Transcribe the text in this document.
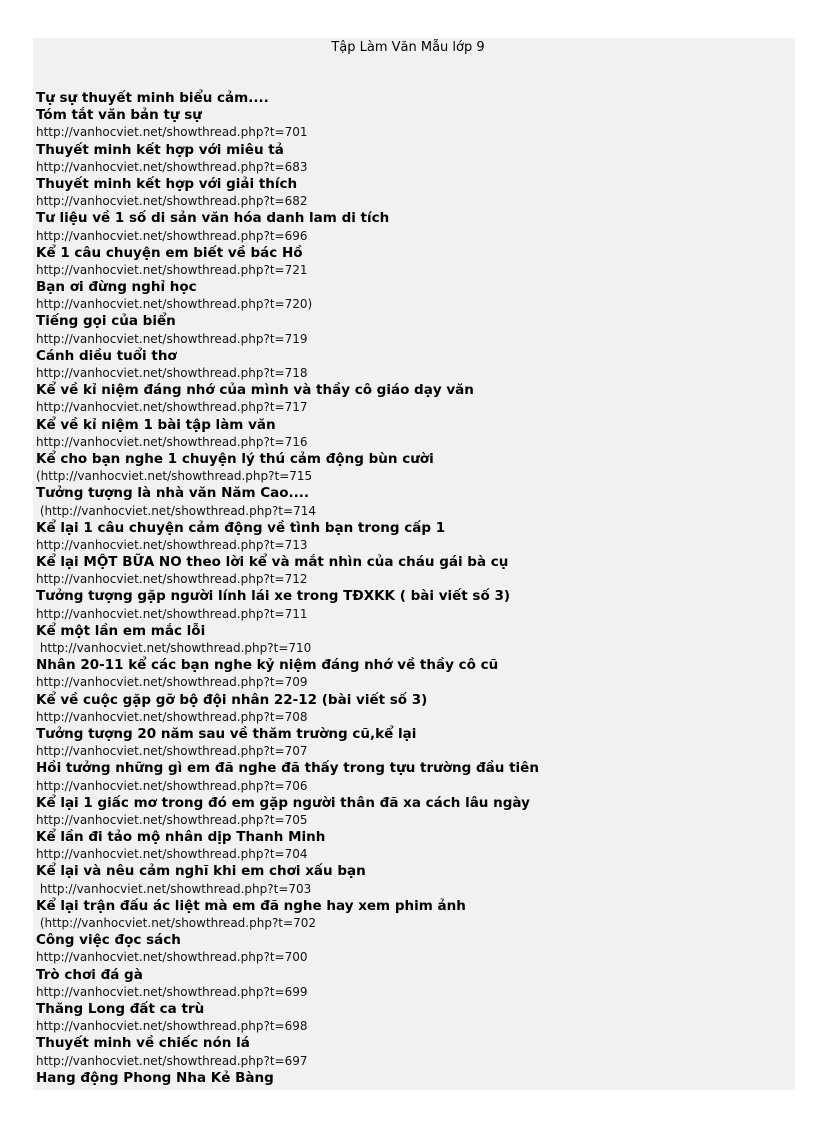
Tập Làm Văn Mẫu lớp 9
Tự sự thuyết minh biểu cảm....
Tóm tắt văn bản tự sự
http://vanhocviet.net/showthread.php?t=701
Thuyết minh kết hợp với miêu tả
http://vanhocviet.net/showthread.php?t=683
Thuyết minh kết hợp với giải thích
http://vanhocviet.net/showthread.php?t=682
Tư liệu về 1 số di sản văn hóa danh lam di tích
http://vanhocviet.net/showthread.php?t=696
Kể 1 câu chuyện em biết về bác Hồ
http://vanhocviet.net/showthread.php?t=721
Bạn ơi đừng nghỉ học
http://vanhocviet.net/showthread.php?t=720)
Tiếng gọi của biển
http://vanhocviet.net/showthread.php?t=719
Cánh diều tuổi thơ
http://vanhocviet.net/showthread.php?t=718
Kể về kỉ niệm đáng nhớ của mình và thầy cô giáo dạy văn
http://vanhocviet.net/showthread.php?t=717
Kể về kỉ niệm 1 bài tập làm văn
http://vanhocviet.net/showthread.php?t=716
Kể cho bạn nghe 1 chuyện lý thú cảm động bùn cười
(http://vanhocviet.net/showthread.php?t=715
Tưởng tượng là nhà văn Năm Cao....
(http://vanhocviet.net/showthread.php?t=714
Kể lại 1 câu chuyện cảm động về tình bạn trong cấp 1
http://vanhocviet.net/showthread.php?t=713
Kể lại MỘT BỮA NO theo lời kể và mắt nhìn của cháu gái bà cụ
http://vanhocviet.net/showthread.php?t=712
Tưởng tượng gặp người lính lái xe trong TĐXKK ( bài viết số 3)
http://vanhocviet.net/showthread.php?t=711
Kể một lần em mắc lỗi
http://vanhocviet.net/showthread.php?t=710
Nhân 20-11 kể các bạn nghe kỷ niệm đáng nhớ về thầy cô cũ
http://vanhocviet.net/showthread.php?t=709
Kể về cuộc gặp gỡ bộ đội nhân 22-12 (bài viết số 3)
http://vanhocviet.net/showthread.php?t=708
Tưởng tượng 20 năm sau về thăm trường cũ,kể lại
http://vanhocviet.net/showthread.php?t=707
Hồi tưởng những gì em đã nghe đã thấy trong tựu trường đầu tiên
http://vanhocviet.net/showthread.php?t=706
Kể lại 1 giấc mơ trong đó em gặp người thân đã xa cách lâu ngày
http://vanhocviet.net/showthread.php?t=705
Kể lần đi tảo mộ nhân dịp Thanh Minh
http://vanhocviet.net/showthread.php?t=704
Kể lại và nêu cảm nghĩ khi em chơi xấu bạn
http://vanhocviet.net/showthread.php?t=703
Kể lại trận đấu ác liệt mà em đã nghe hay xem phim ảnh
(http://vanhocviet.net/showthread.php?t=702
Công việc đọc sách
http://vanhocviet.net/showthread.php?t=700
Trò chơi đá gà
http://vanhocviet.net/showthread.php?t=699
Thăng Long đất ca trù
http://vanhocviet.net/showthread.php?t=698
Thuyết minh về chiếc nón lá
http://vanhocviet.net/showthread.php?t=697
Hang động Phong Nha Kẻ Bàng
